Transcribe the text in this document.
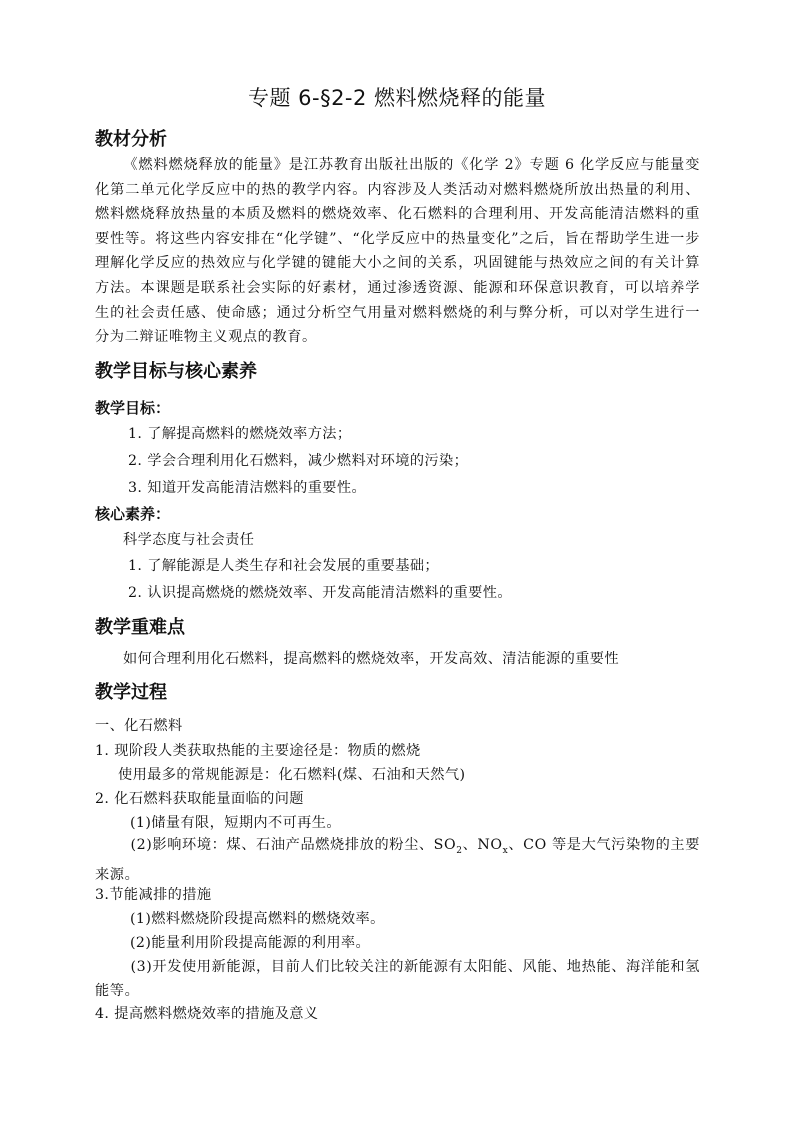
专题 6-§2-2 燃料燃烧释的能量
教材分析

《燃料燃烧释放的能量》是江苏教育出版社出版的《化学 2》专题 6 化学反应与能量变化第二单元化学反应中的热的教学内容。内容涉及人类活动对燃料燃烧所放出热量的利用、燃料燃烧释放热量的本质及燃料的燃烧效率、化石燃料的合理利用、开发高能清洁燃料的重要性等。将这些内容安排在“化学键”、“化学反应中的热量变化”之后，旨在帮助学生进一步理解化学反应的热效应与化学键的键能大小之间的关系，巩固键能与热效应之间的有关计算方法。本课题是联系社会实际的好素材，通过渗透资源、能源和环保意识教育，可以培养学生的社会责任感、使命感；通过分析空气用量对燃料燃烧的利与弊分析，可以对学生进行一分为二辩证唯物主义观点的教育。

教学目标与核心素养
教学目标：
1. 了解提高燃料的燃烧效率方法；
2. 学会合理利用化石燃料，减少燃料对环境的污染；
3. 知道开发高能清洁燃料的重要性。
核心素养：
科学态度与社会责任
1. 了解能源是人类生存和社会发展的重要基础；
2. 认识提高燃烧的燃烧效率、开发高能清洁燃料的重要性。
教学重难点
如何合理利用化石燃料，提高燃料的燃烧效率，开发高效、清洁能源的重要性
教学过程
一、化石燃料
1. 现阶段人类获取热能的主要途径是：物质的燃烧
使用最多的常规能源是：化石燃料(煤、石油和天然气)
2. 化石燃料获取能量面临的问题
(1)储量有限，短期内不可再生。

(2)影响环境：煤、石油产品燃烧排放的粉尘、$SO_2$、$NO_x$、CO 等是大气污染物的主要来源。

3.节能减排的措施
(1)燃料燃烧阶段提高燃料的燃烧效率。
(2)能量利用阶段提高能源的利用率。

(3)开发使用新能源，目前人们比较关注的新能源有太阳能、风能、地热能、海洋能和氢能等。

4. 提高燃料燃烧效率的措施及意义
